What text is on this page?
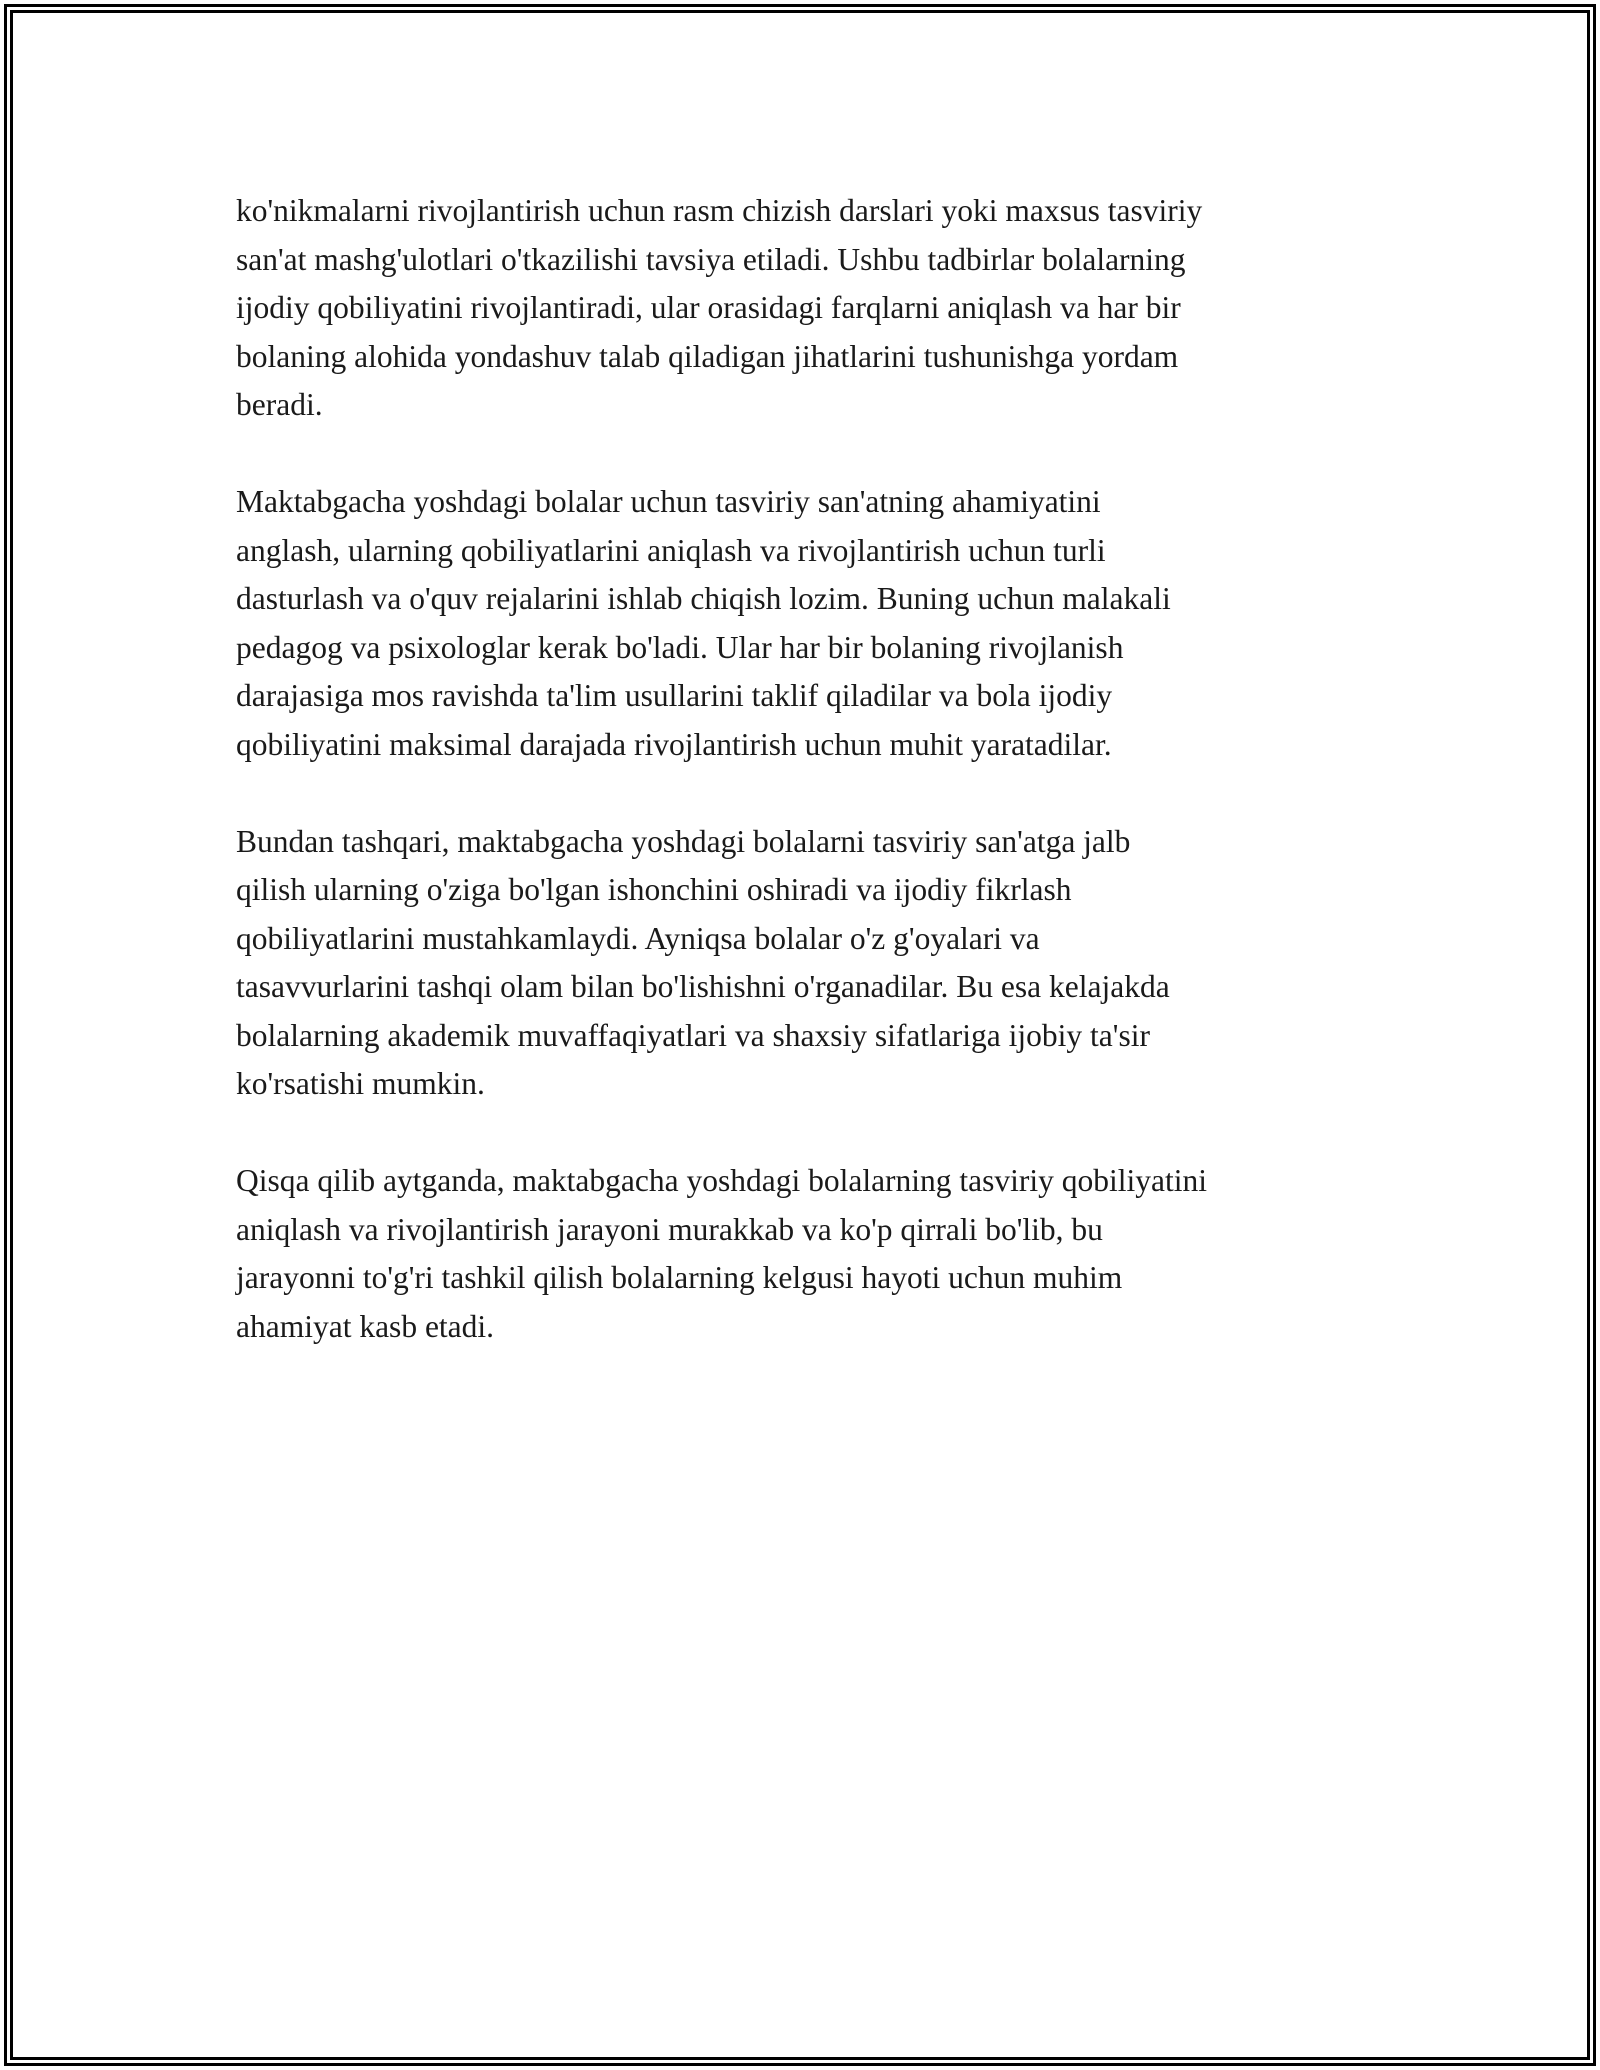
ko'nikmalarni rivojlantirish uchun rasm chizish darslari yoki maxsus tasviriy
san'at mashg'ulotlari o'tkazilishi tavsiya etiladi. Ushbu tadbirlar bolalarning
ijodiy qobiliyatini rivojlantiradi, ular orasidagi farqlarni aniqlash va har bir
bolaning alohida yondashuv talab qiladigan jihatlarini tushunishga yordam
beradi.

Maktabgacha yoshdagi bolalar uchun tasviriy san'atning ahamiyatini
anglash, ularning qobiliyatlarini aniqlash va rivojlantirish uchun turli
dasturlash va o'quv rejalarini ishlab chiqish lozim. Buning uchun malakali
pedagog va psixologlar kerak bo'ladi. Ular har bir bolaning rivojlanish
darajasiga mos ravishda ta'lim usullarini taklif qiladilar va bola ijodiy
qobiliyatini maksimal darajada rivojlantirish uchun muhit yaratadilar.

Bundan tashqari, maktabgacha yoshdagi bolalarni tasviriy san'atga jalb
qilish ularning o'ziga bo'lgan ishonchini oshiradi va ijodiy fikrlash
qobiliyatlarini mustahkamlaydi. Ayniqsa bolalar o'z g'oyalari va
tasavvurlarini tashqi olam bilan bo'lishishni o'rganadilar. Bu esa kelajakda
bolalarning akademik muvaffaqiyatlari va shaxsiy sifatlariga ijobiy ta'sir
ko'rsatishi mumkin.

Qisqa qilib aytganda, maktabgacha yoshdagi bolalarning tasviriy qobiliyatini
aniqlash va rivojlantirish jarayoni murakkab va ko'p qirrali bo'lib, bu
jarayonni to'g'ri tashkil qilish bolalarning kelgusi hayoti uchun muhim
ahamiyat kasb etadi.
